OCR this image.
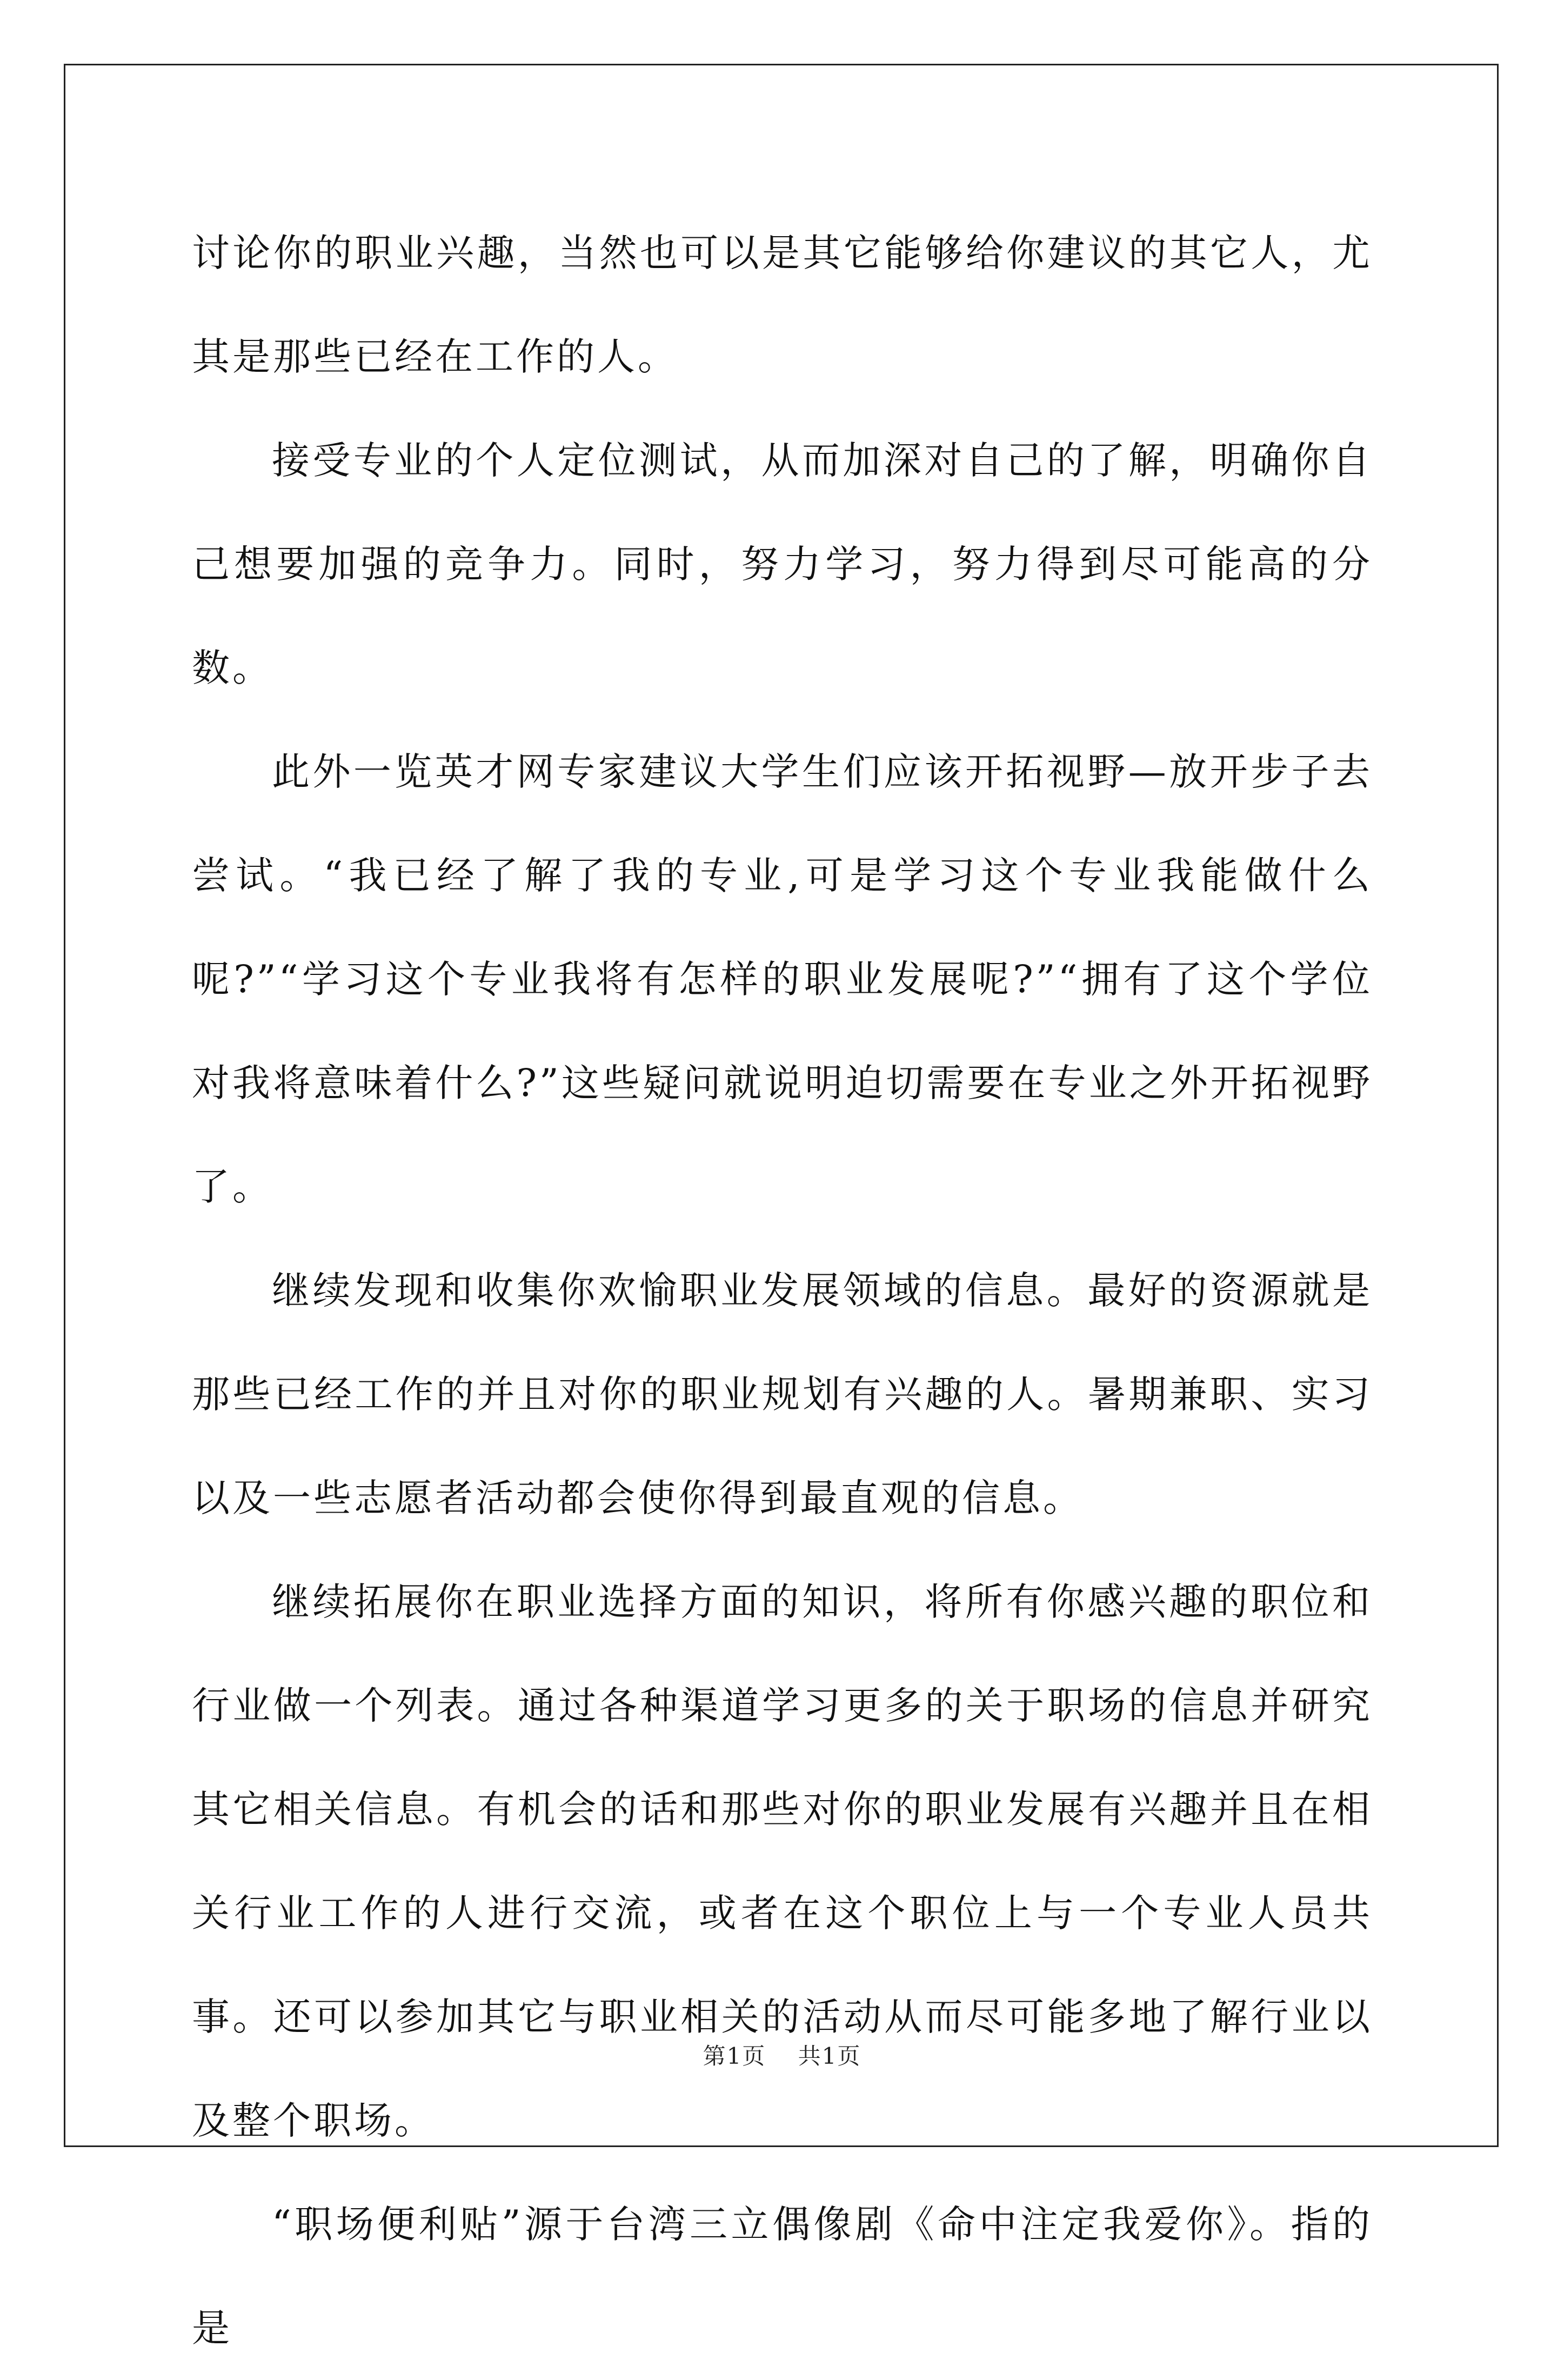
讨论你的职业兴趣，当然也可以是其它能够给你建议的其它人，尤其是那些已经在工作的人。

接受专业的个人定位测试，从而加深对自己的了解，明确你自己想要加强的竞争力。同时，努力学习，努力得到尽可能高的分数。

此外一览英才网专家建议大学生们应该开拓视野—放开步子去尝试。“我已经了解了我的专业,可是学习这个专业我能做什么呢?”“学习这个专业我将有怎样的职业发展呢?”“拥有了这个学位对我将意味着什么?”这些疑问就说明迫切需要在专业之外开拓视野了。

继续发现和收集你欢愉职业发展领域的信息。最好的资源就是那些已经工作的并且对你的职业规划有兴趣的人。暑期兼职、实习以及一些志愿者活动都会使你得到最直观的信息。

继续拓展你在职业选择方面的知识，将所有你感兴趣的职位和行业做一个列表。通过各种渠道学习更多的关于职场的信息并研究其它相关信息。有机会的话和那些对你的职业发展有兴趣并且在相关行业工作的人进行交流，或者在这个职位上与一个专业人员共事。还可以参加其它与职业相关的活动从而尽可能多地了解行业以及整个职场。

“职场便利贴”源于台湾三立偶像剧《命中注定我爱你》。指的是

第1页 共1页
